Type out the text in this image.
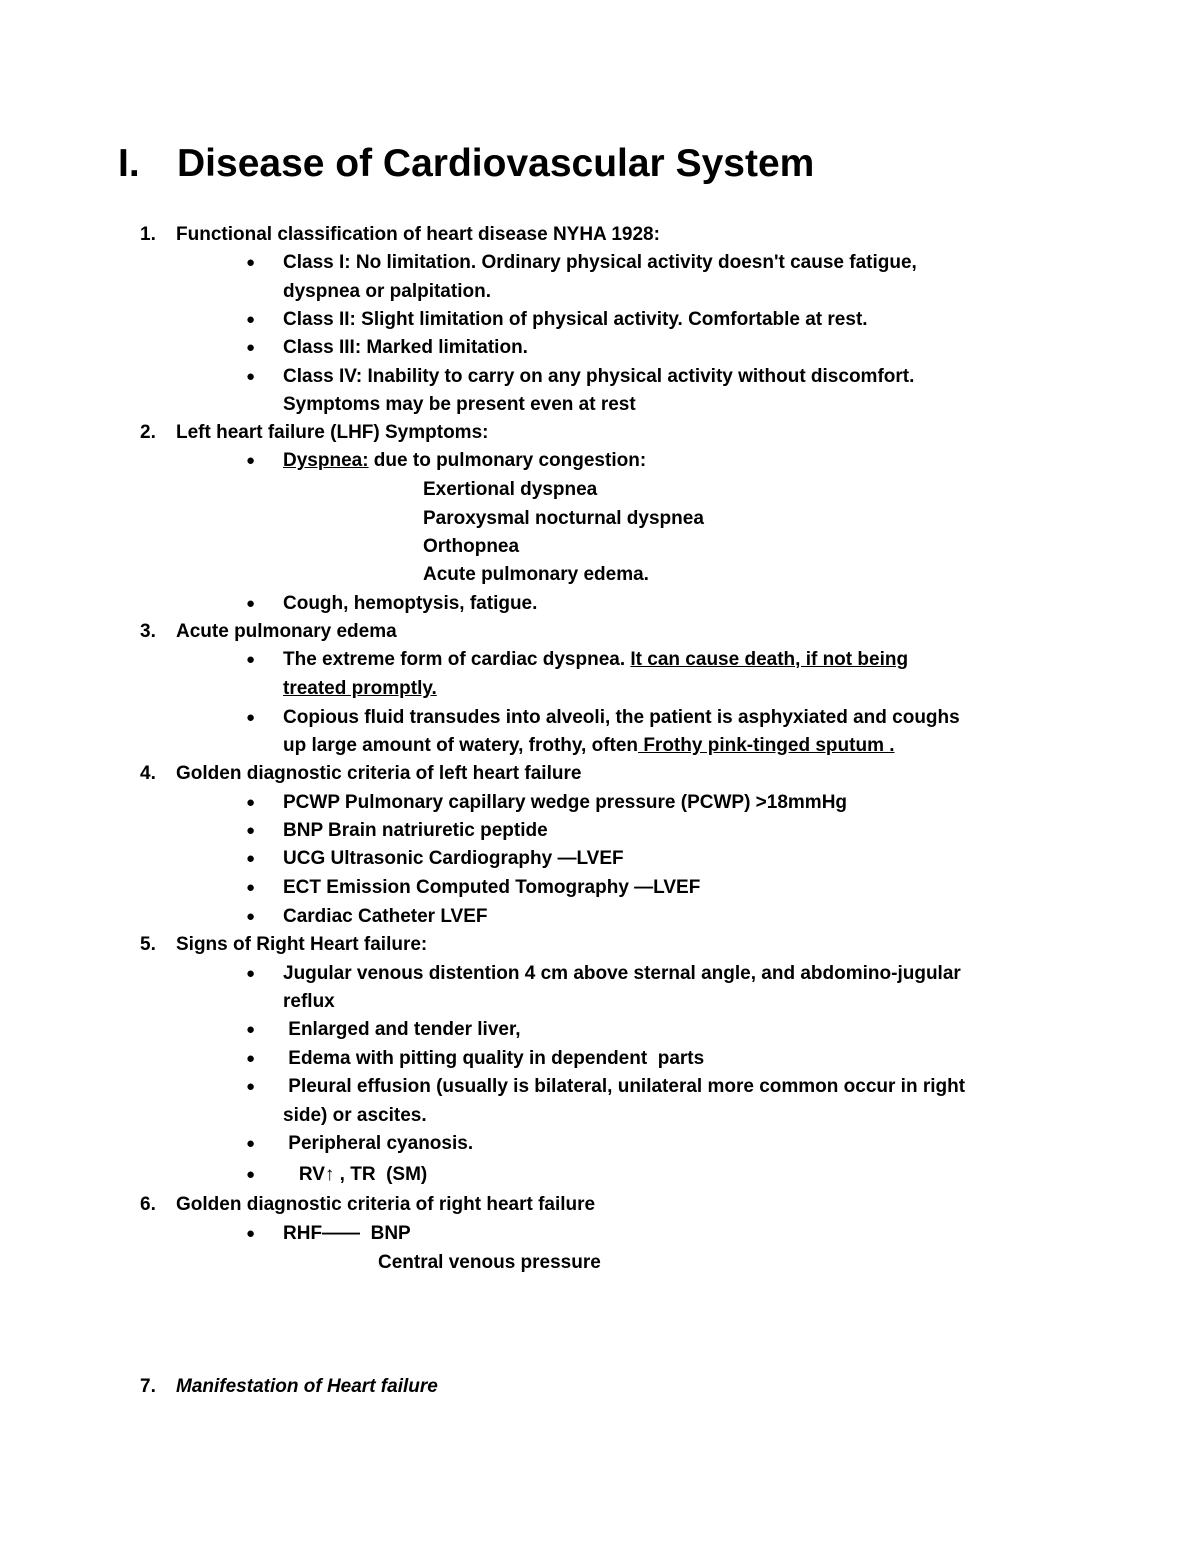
I. Disease of Cardiovascular System
1. Functional classification of heart disease NYHA 1928:
● Class I: No limitation. Ordinary physical activity doesn't cause fatigue,
dyspnea or palpitation.
● Class II: Slight limitation of physical activity. Comfortable at rest.
● Class III: Marked limitation.
● Class IV: Inability to carry on any physical activity without discomfort.
Symptoms may be present even at rest
2. Left heart failure (LHF) Symptoms:
● Dyspnea: due to pulmonary congestion:
Exertional dyspnea
Paroxysmal nocturnal dyspnea
Orthopnea
Acute pulmonary edema.
● Cough, hemoptysis, fatigue.
3. Acute pulmonary edema
● The extreme form of cardiac dyspnea. It can cause death, if not being
treated promptly.
● Copious fluid transudes into alveoli, the patient is asphyxiated and coughs
up large amount of watery, frothy, often Frothy pink-tinged sputum .
4. Golden diagnostic criteria of left heart failure
● PCWP Pulmonary capillary wedge pressure (PCWP) >18mmHg
● BNP Brain natriuretic peptide
● UCG Ultrasonic Cardiography —LVEF
● ECT Emission Computed Tomography —LVEF
● Cardiac Catheter LVEF
5. Signs of Right Heart failure:
● Jugular venous distention 4 cm above sternal angle, and abdomino-jugular
reflux
● Enlarged and tender liver,
● Edema with pitting quality in dependent  parts
● Pleural effusion (usually is bilateral, unilateral more common occur in right
side) or ascites.
● Peripheral cyanosis.
● RV↑ , TR  (SM)
6. Golden diagnostic criteria of right heart failure
● RHF——  BNP
Central venous pressure
7. Manifestation of Heart failure
